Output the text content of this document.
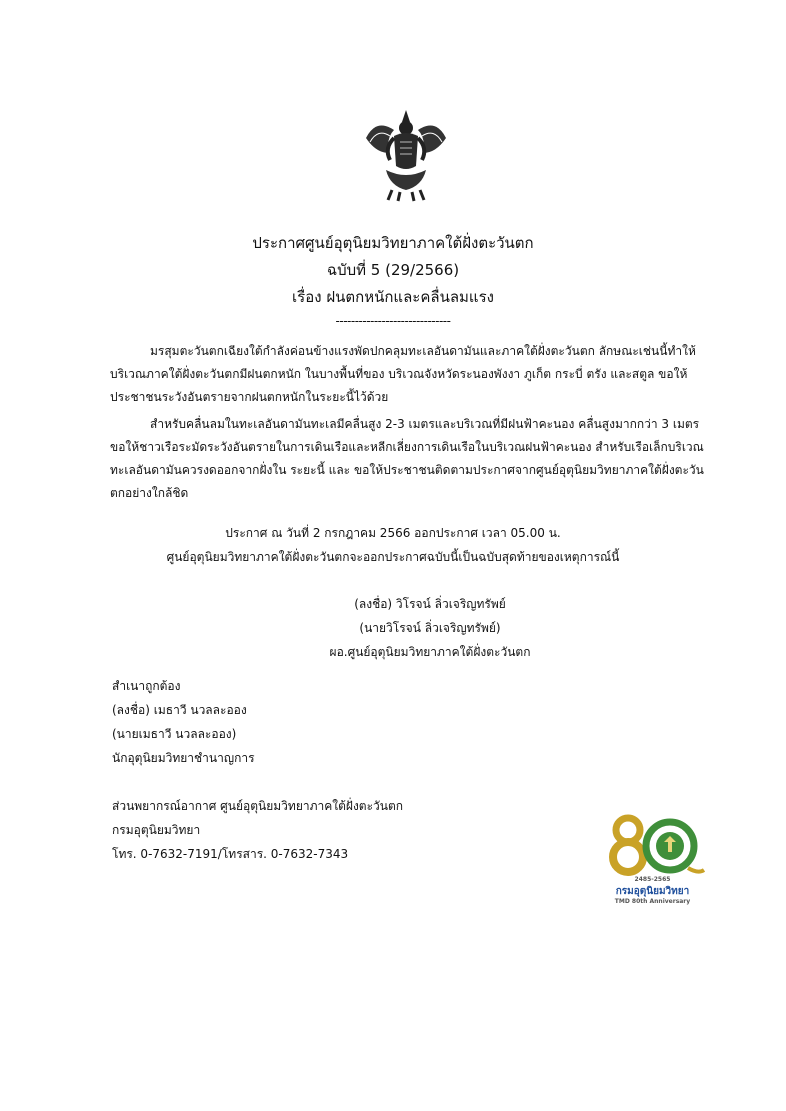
ประกาศศูนย์อุตุนิยมวิทยาภาคใต้ฝั่งตะวันตก
ฉบับที่ 5 (29/2566)
เรื่อง ฝนตกหนักและคลื่นลมแรง
------------------------------

มรสุมตะวันตกเฉียงใต้กำลังค่อนข้างแรงพัดปกคลุมทะเลอันดามันและภาคใต้ฝั่งตะวันตก ลักษณะเช่นนี้ทำให้บริเวณภาคใต้ฝั่งตะวันตกมีฝนตกหนัก ในบางพื้นที่ของ บริเวณจังหวัดระนองพังงา ภูเก็ต กระบี่ ตรัง และสตูล ขอให้ประชาชนระวังอันตรายจากฝนตกหนักในระยะนี้ไว้ด้วย

สำหรับคลื่นลมในทะเลอันดามันทะเลมีคลื่นสูง 2-3 เมตรและบริเวณที่มีฝนฟ้าคะนอง คลื่นสูงมากกว่า 3 เมตร ขอให้ชาวเรือระมัดระวังอันตรายในการเดินเรือและหลีกเลี่ยงการเดินเรือในบริเวณฝนฟ้าคะนอง สำหรับเรือเล็กบริเวณทะเลอันดามันควรงดออกจากฝั่งใน ระยะนี้ และ ขอให้ประชาชนติดตามประกาศจากศูนย์อุตุนิยมวิทยาภาคใต้ฝั่งตะวันตกอย่างใกล้ชิด

ประกาศ ณ วันที่ 2 กรกฎาคม 2566 ออกประกาศ เวลา 05.00 น.
ศูนย์อุตุนิยมวิทยาภาคใต้ฝั่งตะวันตกจะออกประกาศฉบับนี้เป็นฉบับสุดท้ายของเหตุการณ์นี้
(ลงชื่อ) วิโรจน์ ลิ่วเจริญทรัพย์
(นายวิโรจน์ ลิ่วเจริญทรัพย์)
ผอ.ศูนย์อุตุนิยมวิทยาภาคใต้ฝั่งตะวันตก
สำเนาถูกต้อง
(ลงชื่อ) เมธาวี นวลละออง
(นายเมธาวี นวลละออง)
นักอุตุนิยมวิทยาชำนาญการ
ส่วนพยากรณ์อากาศ ศูนย์อุตุนิยมวิทยาภาคใต้ฝั่งตะวันตก
กรมอุตุนิยมวิทยา
โทร. 0-7632-7191/โทรสาร. 0-7632-7343
2485-2565
กรมอุตุนิยมวิทยา
TMD 80th Anniversary
